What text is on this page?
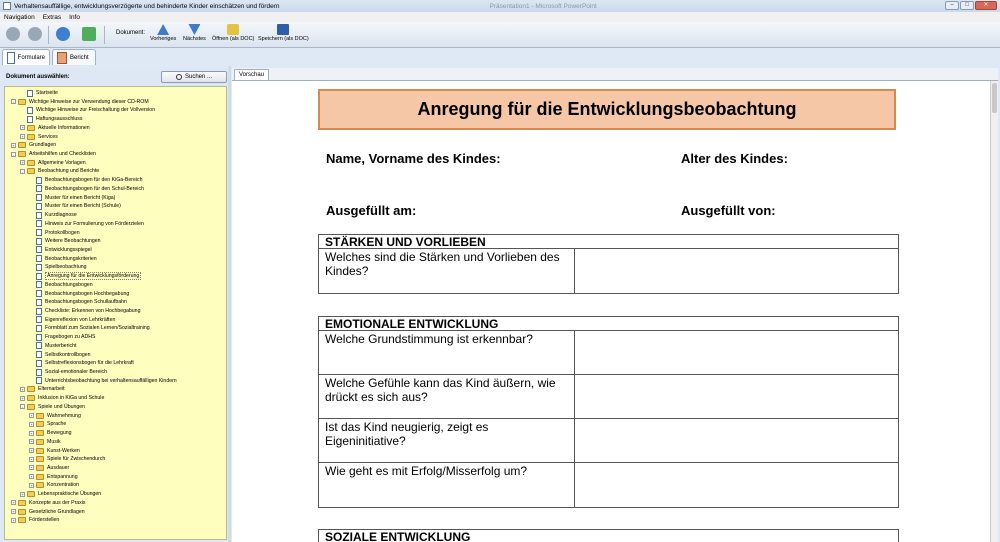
Verhaltensauffällige, entwicklungsverzögerte und behinderte Kinder einschätzen und fördern	Präsentation1 - Microsoft PowerPoint	–	□	✕
Navigation Extras Info
Dokument:
Vorheriges Nächstes Öffnen (als DOC) Speichern (als DOC)
Formulare	Bericht
Dokument auswählen:	Suchen ...
Startseite
-	Wichtige Hinweise zur Verwendung dieser CD-ROM
Wichtige Hinweise zur Freischaltung der Vollversion
Haftungsausschluss
+	Aktuelle Informationen
+	Services
+	Grundlagen
-	Arbeitshilfen und Checklisten
+	Allgemeine Vorlagen
-	Beobachtung und Berichte
Beobachtungsbogen für den KiGa-Bereich
Beobachtungsbogen für den Schul-Bereich
Muster für einen Bericht (Kiga)
Muster für einen Bericht (Schule)
Kurzdiagnose
Hinweis zur Formulierung von Förderzielen
Protokollbogen
Weitere Beobachtungen
Entwicklungsspiegel
Beobachtungskriterien
Spielbeobachtung
Anregung für die Entwicklungsförderung
Beobachtungsbogen
Beobachtungsbogen Hochbegabung
Beobachtungsbogen Schullaufbahn
Checkliste: Erkennen von Hochbegabung
Eigenreflexion von Lehrkräften
Formblatt zum Sozialen Lernen/Sozialtraining
Fragebogen zu ADHS
Musterbericht
Selbstkontrollbogen
Selbstreflexionsbogen für die Lehrkraft
Sozial-emotionaler Bereich
Unterrichtsbeobachtung bei verhaltensauffälligen Kindern
+	Elternarbeit
+	Inklusion in KiGa und Schule
-	Spiele und Übungen
+	Wahrnehmung
+	Sprache
+	Bewegung
+	Musik
+	Kunst-Werken
+	Spiele für Zwischendurch
+	Ausdauer
+	Entspannung
+	Konzentration
+	Lebenspraktische Übungen
+	Konzepte aus der Praxis
+	Gesetzliche Grundlagen
+	Förderstellen
Vorschau
Anregung für die Entwicklungsbeobachtung
Name, Vorname des Kindes:	Alter des Kindes:
Ausgefüllt am:	Ausgefüllt von:
STÄRKEN UND VORLIEBEN
Welches sind die Stärken und Vorlieben des Kindes?
EMOTIONALE ENTWICKLUNG
Welche Grundstimmung ist erkennbar?
Welche Gefühle kann das Kind äußern, wie drückt es sich aus?
Ist das Kind neugierig, zeigt es Eigeninitiative?
Wie geht es mit Erfolg/Misserfolg um?
SOZIALE ENTWICKLUNG
